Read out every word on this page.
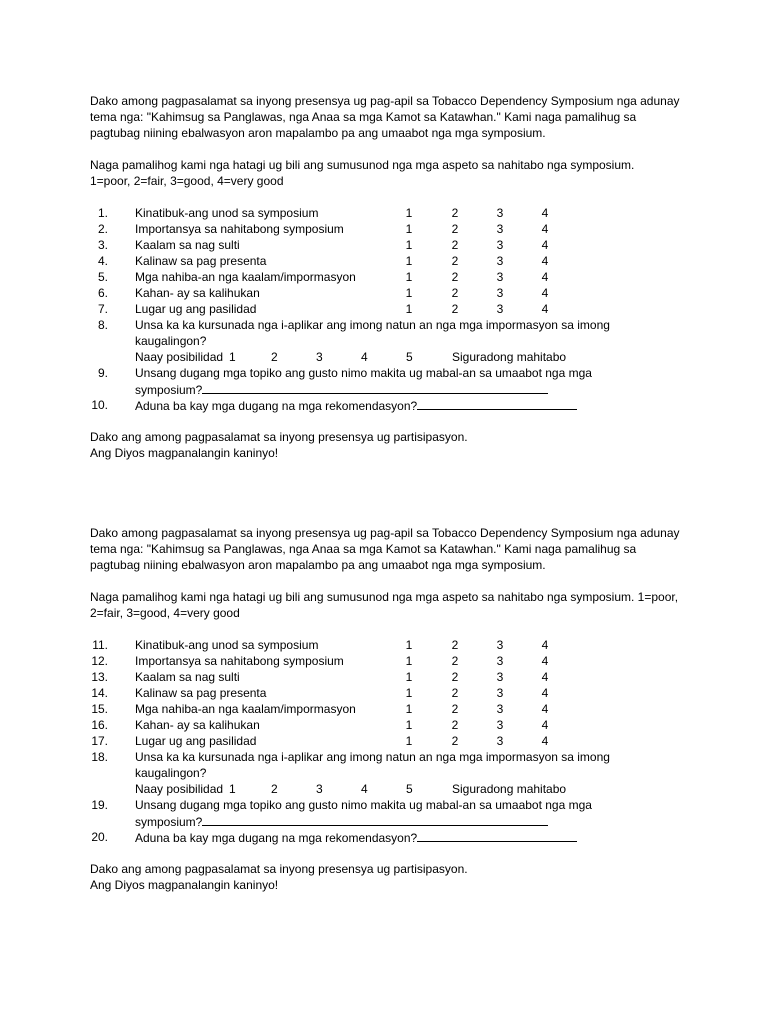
Dako among pagpasalamat sa inyong presensya ug pag-apil sa Tobacco Dependency Symposium nga adunay
tema nga: "Kahimsug sa Panglawas, nga Anaa sa mga Kamot sa Katawhan." Kami naga pamalihug sa
pagtubag niining ebalwasyon aron mapalambo pa ang umaabot nga mga symposium.

Naga pamalihog kami nga hatagi ug bili ang sumusunod nga mga aspeto sa nahitabo nga symposium.
1=poor, 2=fair, 3=good, 4=very good

1. Kinatibuk-ang unod sa symposium	1	2	3	4
2. Importansya sa nahitabong symposium	1	2	3	4
3. Kaalam sa nag sulti	1	2	3	4
4. Kalinaw sa pag presenta	1	2	3	4
5. Mga nahiba-an nga kaalam/impormasyon	1	2	3	4
6. Kahan- ay sa kalihukan	1	2	3	4
7. Lugar ug ang pasilidad	1	2	3	4
8. Unsa ka ka kursunada nga i-aplikar ang imong natun an nga mga impormasyon sa imong
kaugalingon?
Naay posibilidad 1	2	3	4	5	Siguradong mahitabo
9. Unsang dugang mga topiko ang gusto nimo makita ug mabal-an sa umaabot nga mga
symposium?
10. Aduna ba kay mga dugang na mga rekomendasyon?

Dako ang among pagpasalamat sa inyong presensya ug partisipasyon.
Ang Diyos magpanalangin kaninyo!

Dako among pagpasalamat sa inyong presensya ug pag-apil sa Tobacco Dependency Symposium nga adunay
tema nga: "Kahimsug sa Panglawas, nga Anaa sa mga Kamot sa Katawhan." Kami naga pamalihug sa
pagtubag niining ebalwasyon aron mapalambo pa ang umaabot nga mga symposium.

Naga pamalihog kami nga hatagi ug bili ang sumusunod nga mga aspeto sa nahitabo nga symposium. 1=poor,
2=fair, 3=good, 4=very good

11. Kinatibuk-ang unod sa symposium	1	2	3	4
12. Importansya sa nahitabong symposium	1	2	3	4
13. Kaalam sa nag sulti	1	2	3	4
14. Kalinaw sa pag presenta	1	2	3	4
15. Mga nahiba-an nga kaalam/impormasyon	1	2	3	4
16. Kahan- ay sa kalihukan	1	2	3	4
17. Lugar ug ang pasilidad	1	2	3	4
18. Unsa ka ka kursunada nga i-aplikar ang imong natun an nga mga impormasyon sa imong
kaugalingon?
Naay posibilidad 1	2	3	4	5	Siguradong mahitabo
19. Unsang dugang mga topiko ang gusto nimo makita ug mabal-an sa umaabot nga mga
symposium?
20. Aduna ba kay mga dugang na mga rekomendasyon?

Dako ang among pagpasalamat sa inyong presensya ug partisipasyon.
Ang Diyos magpanalangin kaninyo!
